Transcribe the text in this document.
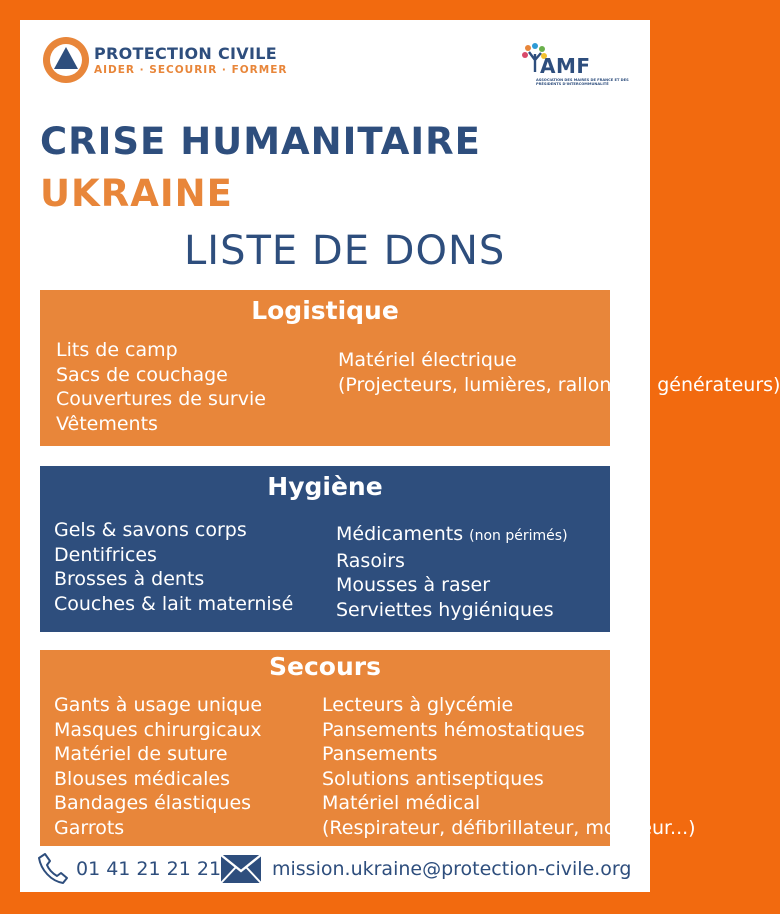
PROTECTION CIVILE
AIDER · SECOURIR · FORMER	AMF
ASSOCIATION DES MAIRES DE FRANCE ET DES PRÉSIDENTS D'INTERCOMMUNALITÉ
CRISE HUMANITAIRE
UKRAINE
LISTE DE DONS
Logistique
Lits de camp
Sacs de couchage
Couvertures de survie
Vêtements
Matériel électrique
(Projecteurs, lumières, rallonges, générateurs)
Hygiène
Gels & savons corps
Dentifrices
Brosses à dents
Couches & lait maternisé
Médicaments (non périmés)
Rasoirs
Mousses à raser
Serviettes hygiéniques
Secours
Gants à usage unique
Masques chirurgicaux
Matériel de suture
Blouses médicales
Bandages élastiques
Garrots
Lecteurs à glycémie
Pansements hémostatiques
Pansements
Solutions antiseptiques
Matériel médical
(Respirateur, défibrillateur, moniteur...)
01 41 21 21 21	mission.ukraine@protection-civile.org
